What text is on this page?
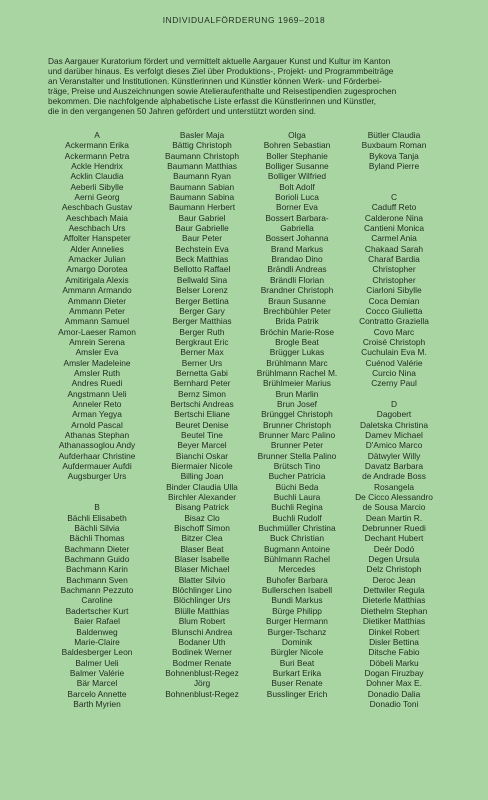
INDIVIDUALFÖRDERUNG 1969–2018

Das Aargauer Kuratorium fördert und vermittelt aktuelle Aargauer Kunst und Kultur im Kanton

und darüber hinaus. Es verfolgt dieses Ziel über Produktions-, Projekt- und Programmbeiträge

an Veranstalter und Institutionen. Künstlerinnen und Künstler können Werk- und Förderbei-

träge, Preise und Auszeichnungen sowie Atelieraufenthalte und Reisestipendien zugesprochen

bekommen. Die nachfolgende alphabetische Liste erfasst die Künstlerinnen und Künstler,

die in den vergangenen 50 Jahren gefördert und unterstützt worden sind.

A
Ackermann Erika
Ackermann Petra
Ackle Hendrix
Acklin Claudia
Aeberli Sibylle
Aerni Georg
Aeschbach Gustav
Aeschbach Maia
Aeschbach Urs
Affolter Hanspeter
Alder Annelies
Amacker Julian
Amargo Dorotea
Amitirigala Alexis
Ammann Armando
Ammann Dieter
Ammann Peter
Ammann Samuel
Amor-Laeser Ramon
Amrein Serena
Amsler Eva
Amsler Madeleine
Amsler Ruth
Andres Ruedi
Angstmann Ueli
Anneler Reto
Arman Yegya
Arnold Pascal
Athanas Stephan
Athanassoglou Andy
Aufderhaar Christine
Aufdermauer Aufdi
Augsburger Urs
B
Bächli Elisabeth
Bächli Silvia
Bächli Thomas
Bachmann Dieter
Bachmann Guido
Bachmann Karin
Bachmann Sven
Bachmann Pezzuto
Caroline
Badertscher Kurt
Baier Rafael
Baldenweg
Marie-Claire
Baldesberger Leon
Balmer Ueli
Balmer Valérie
Bär Marcel
Barcelo Annette
Barth Myrien
Basler Maja
Bättig Christoph
Baumann Christoph
Baumann Matthias
Baumann Ryan
Baumann Sabian
Baumann Sabina
Baumann Herbert
Baur Gabriel
Baur Gabrielle
Baur Peter
Bechstein Eva
Beck Matthias
Bellotto Raffael
Bellwald Sina
Belser Lorenz
Berger Bettina
Berger Gary
Berger Matthias
Berger Ruth
Bergkraut Eric
Berner Max
Berner Urs
Bernetta Gabi
Bernhard Peter
Bernz Simon
Bertschi Andreas
Bertschi Eliane
Beuret Denise
Beutel Tine
Beyer Marcel
Bianchi Oskar
Biermaier Nicole
Billing Joan
Binder Claudia Ulla
Birchler Alexander
Bisang Patrick
Bisaz Clo
Bischoff Simon
Bitzer Clea
Blaser Beat
Blaser Isabelle
Blaser Michael
Blatter Silvio
Blöchlinger Lino
Blöchlinger Urs
Blülle Matthias
Blum Robert
Blunschi Andrea
Bodaner Uth
Bodinek Werner
Bodmer Renate
Bohnenblust-Regez
Jörg
Bohnenblust-Regez
Olga
Bohren Sebastian
Boller Stephanie
Bolliger Susanne
Bolliger Wilfried
Bolt Adolf
Borioli Luca
Borner Eva
Bossert Barbara-
Gabriella
Bossert Johanna
Brand Markus
Brandao Dino
Brändli Andreas
Brändli Florian
Brandner Christoph
Braun Susanne
Brechbühler Peter
Brida Patrik
Bröchin Marie-Rose
Brogle Beat
Brügger Lukas
Brühlmann Marc
Brühlmann Rachel M.
Brühlmeier Marius
Brun Marlin
Brun Josef
Brünggel Christoph
Brunner Christoph
Brunner Marc Palino
Brunner Peter
Brunner Stella Palino
Brütsch Tino
Bucher Patricia
Büchi Beda
Buchli Laura
Buchli Regina
Buchli Rudolf
Buchmüller Christina
Buck Christian
Bugmann Antoine
Bühlmann Rachel
Mercedes
Buhofer Barbara
Bullerschen Isabell
Bundi Markus
Bürge Philipp
Burger Hermann
Burger-Tschanz
Dominik
Bürgler Nicole
Buri Beat
Burkart Erika
Buser Renate
Busslinger Erich
Bütler Claudia
Buxbaum Roman
Bykova Tanja
Byland Pierre
C
Caduff Reto
Calderone Nina
Cantieni Monica
Carmel Ania
Chakaad Sarah
Charaf Bardia
Christopher
Christopher
Ciarloni Sibylle
Coca Demian
Cocco Giulietta
Contratto Graziella
Covo Marc
Croisé Christoph
Cuchulain Eva M.
Cuénod Valérie
Curcio Nina
Czerny Paul
D
Dagobert
Daletska Christina
Damev Michael
D'Amico Marco
Dätwyler Willy
Davatz Barbara
de Andrade Boss
Rosangela
De Cicco Alessandro
de Sousa Marcio
Dean Martin R.
Debrunner Ruedi
Dechant Hubert
Deér Dodó
Degen Ursula
Delz Christoph
Deroc Jean
Dettwiler Regula
Dieterle Matthias
Diethelm Stephan
Dietiker Matthias
Dinkel Robert
Disler Bettina
Ditsche Fabio
Döbeli Marku
Dogan Firuzbay
Dohner Max E.
Donadio Dalia
Donadio Toni
